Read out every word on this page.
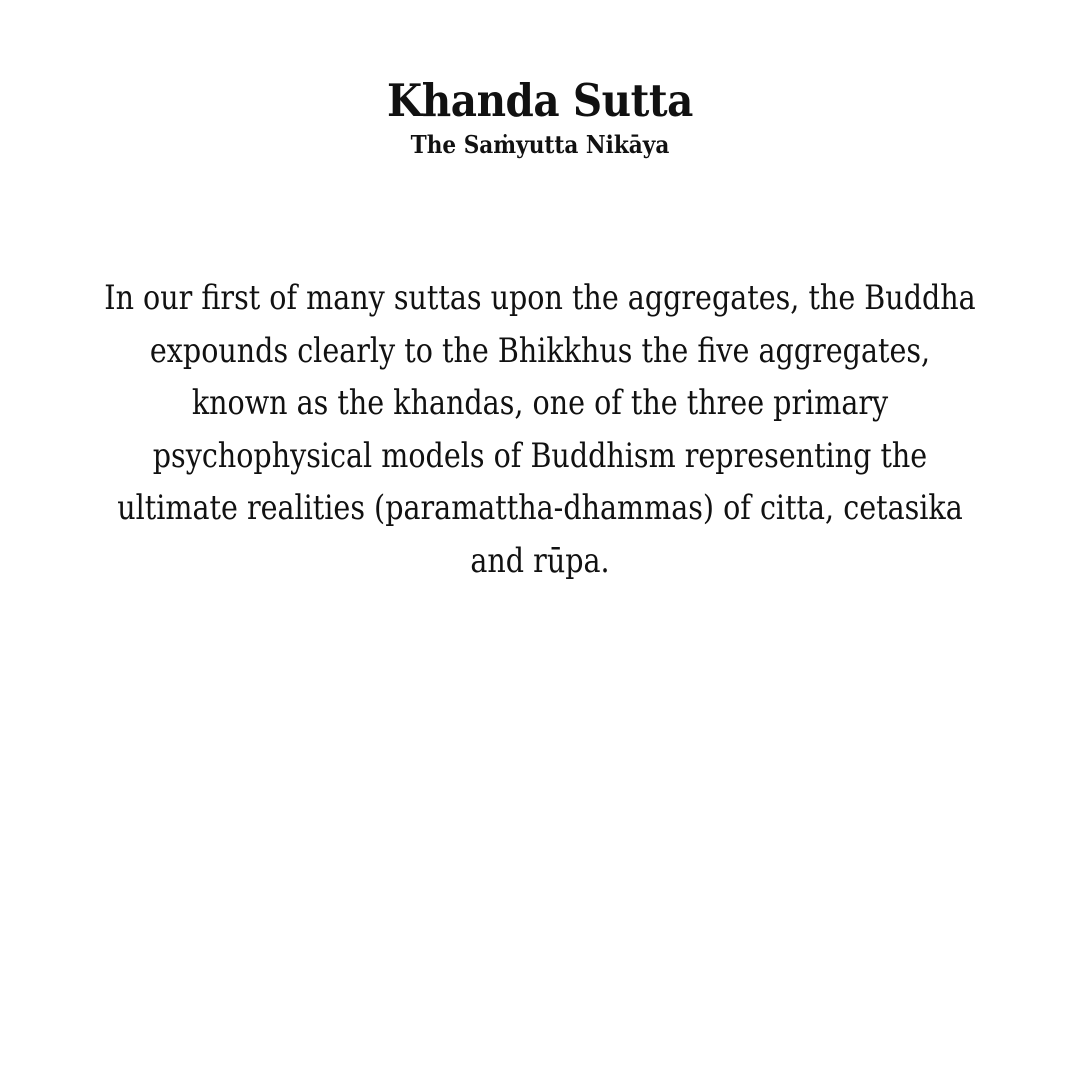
Khanda Sutta
The Saṁyutta Nikāya

In our first of many suttas upon the aggregates, the Buddha expounds clearly to the Bhikkhus the five aggregates, known as the khandas, one of the three primary psychophysical models of Buddhism representing the ultimate realities (paramattha-dhammas) of citta, cetasika and rūpa.
